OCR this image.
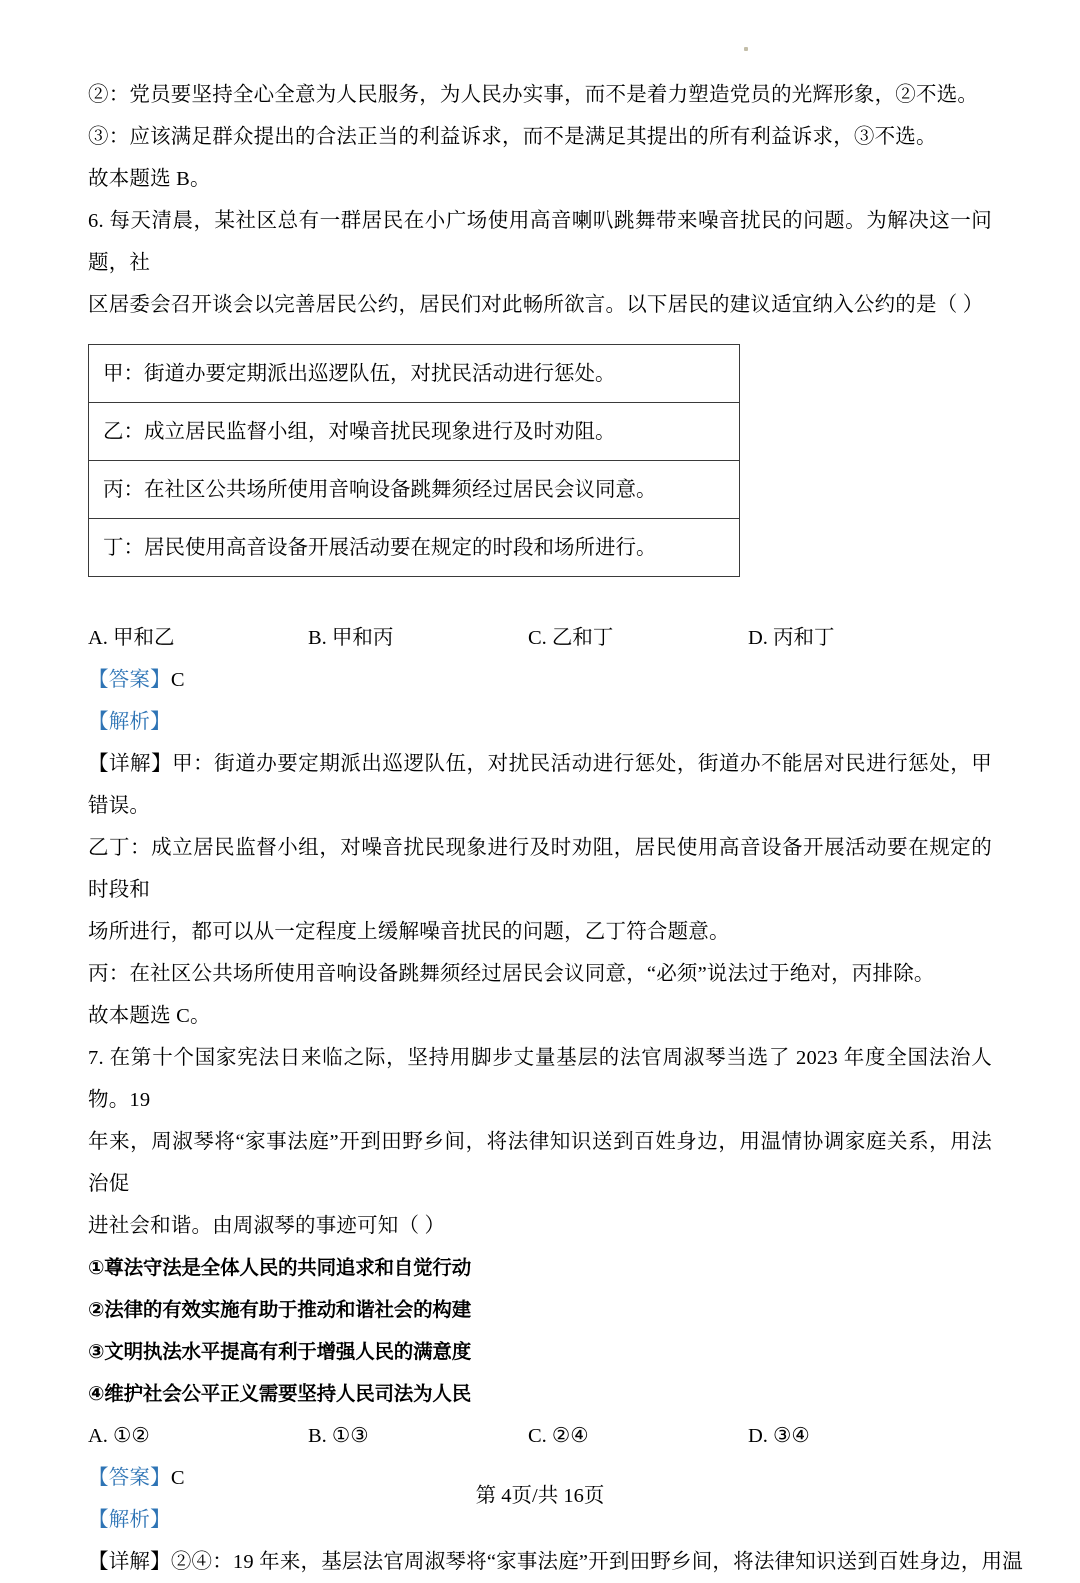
②：党员要坚持全心全意为人民服务，为人民办实事，而不是着力塑造党员的光辉形象，②不选。

③：应该满足群众提出的合法正当的利益诉求，而不是满足其提出的所有利益诉求，③不选。

故本题选 B。

6. 每天清晨，某社区总有一群居民在小广场使用高音喇叭跳舞带来噪音扰民的问题。为解决这一问题，社

区居委会召开谈会以完善居民公约，居民们对此畅所欲言。以下居民的建议适宜纳入公约的是（ ）

甲：街道办要定期派出巡逻队伍，对扰民活动进行惩处。
乙：成立居民监督小组，对噪音扰民现象进行及时劝阻。
丙：在社区公共场所使用音响设备跳舞须经过居民会议同意。
丁：居民使用高音设备开展活动要在规定的时段和场所进行。
A. 甲和乙	B. 甲和丙	C. 乙和丁	D. 丙和丁

【答案】C

【解析】

【详解】甲：街道办要定期派出巡逻队伍，对扰民活动进行惩处，街道办不能居对民进行惩处，甲错误。

乙丁：成立居民监督小组，对噪音扰民现象进行及时劝阻，居民使用高音设备开展活动要在规定的时段和

场所进行，都可以从一定程度上缓解噪音扰民的问题，乙丁符合题意。

丙：在社区公共场所使用音响设备跳舞须经过居民会议同意，“必须”说法过于绝对，丙排除。

故本题选 C。

7. 在第十个国家宪法日来临之际，坚持用脚步丈量基层的法官周淑琴当选了 2023 年度全国法治人物。19

年来，周淑琴将“家事法庭”开到田野乡间，将法律知识送到百姓身边，用温情协调家庭关系，用法治促

进社会和谐。由周淑琴的事迹可知（ ）

①尊法守法是全体人民的共同追求和自觉行动

②法律的有效实施有助于推动和谐社会的构建

③文明执法水平提高有利于增强人民的满意度

④维护社会公平正义需要坚持人民司法为人民

A. ①②	B. ①③	C. ②④	D. ③④

【答案】C

【解析】

【详解】②④：19 年来，基层法官周淑琴将“家事法庭”开到田野乡间，将法律知识送到百姓身边，用温

第 4页/共 16页
